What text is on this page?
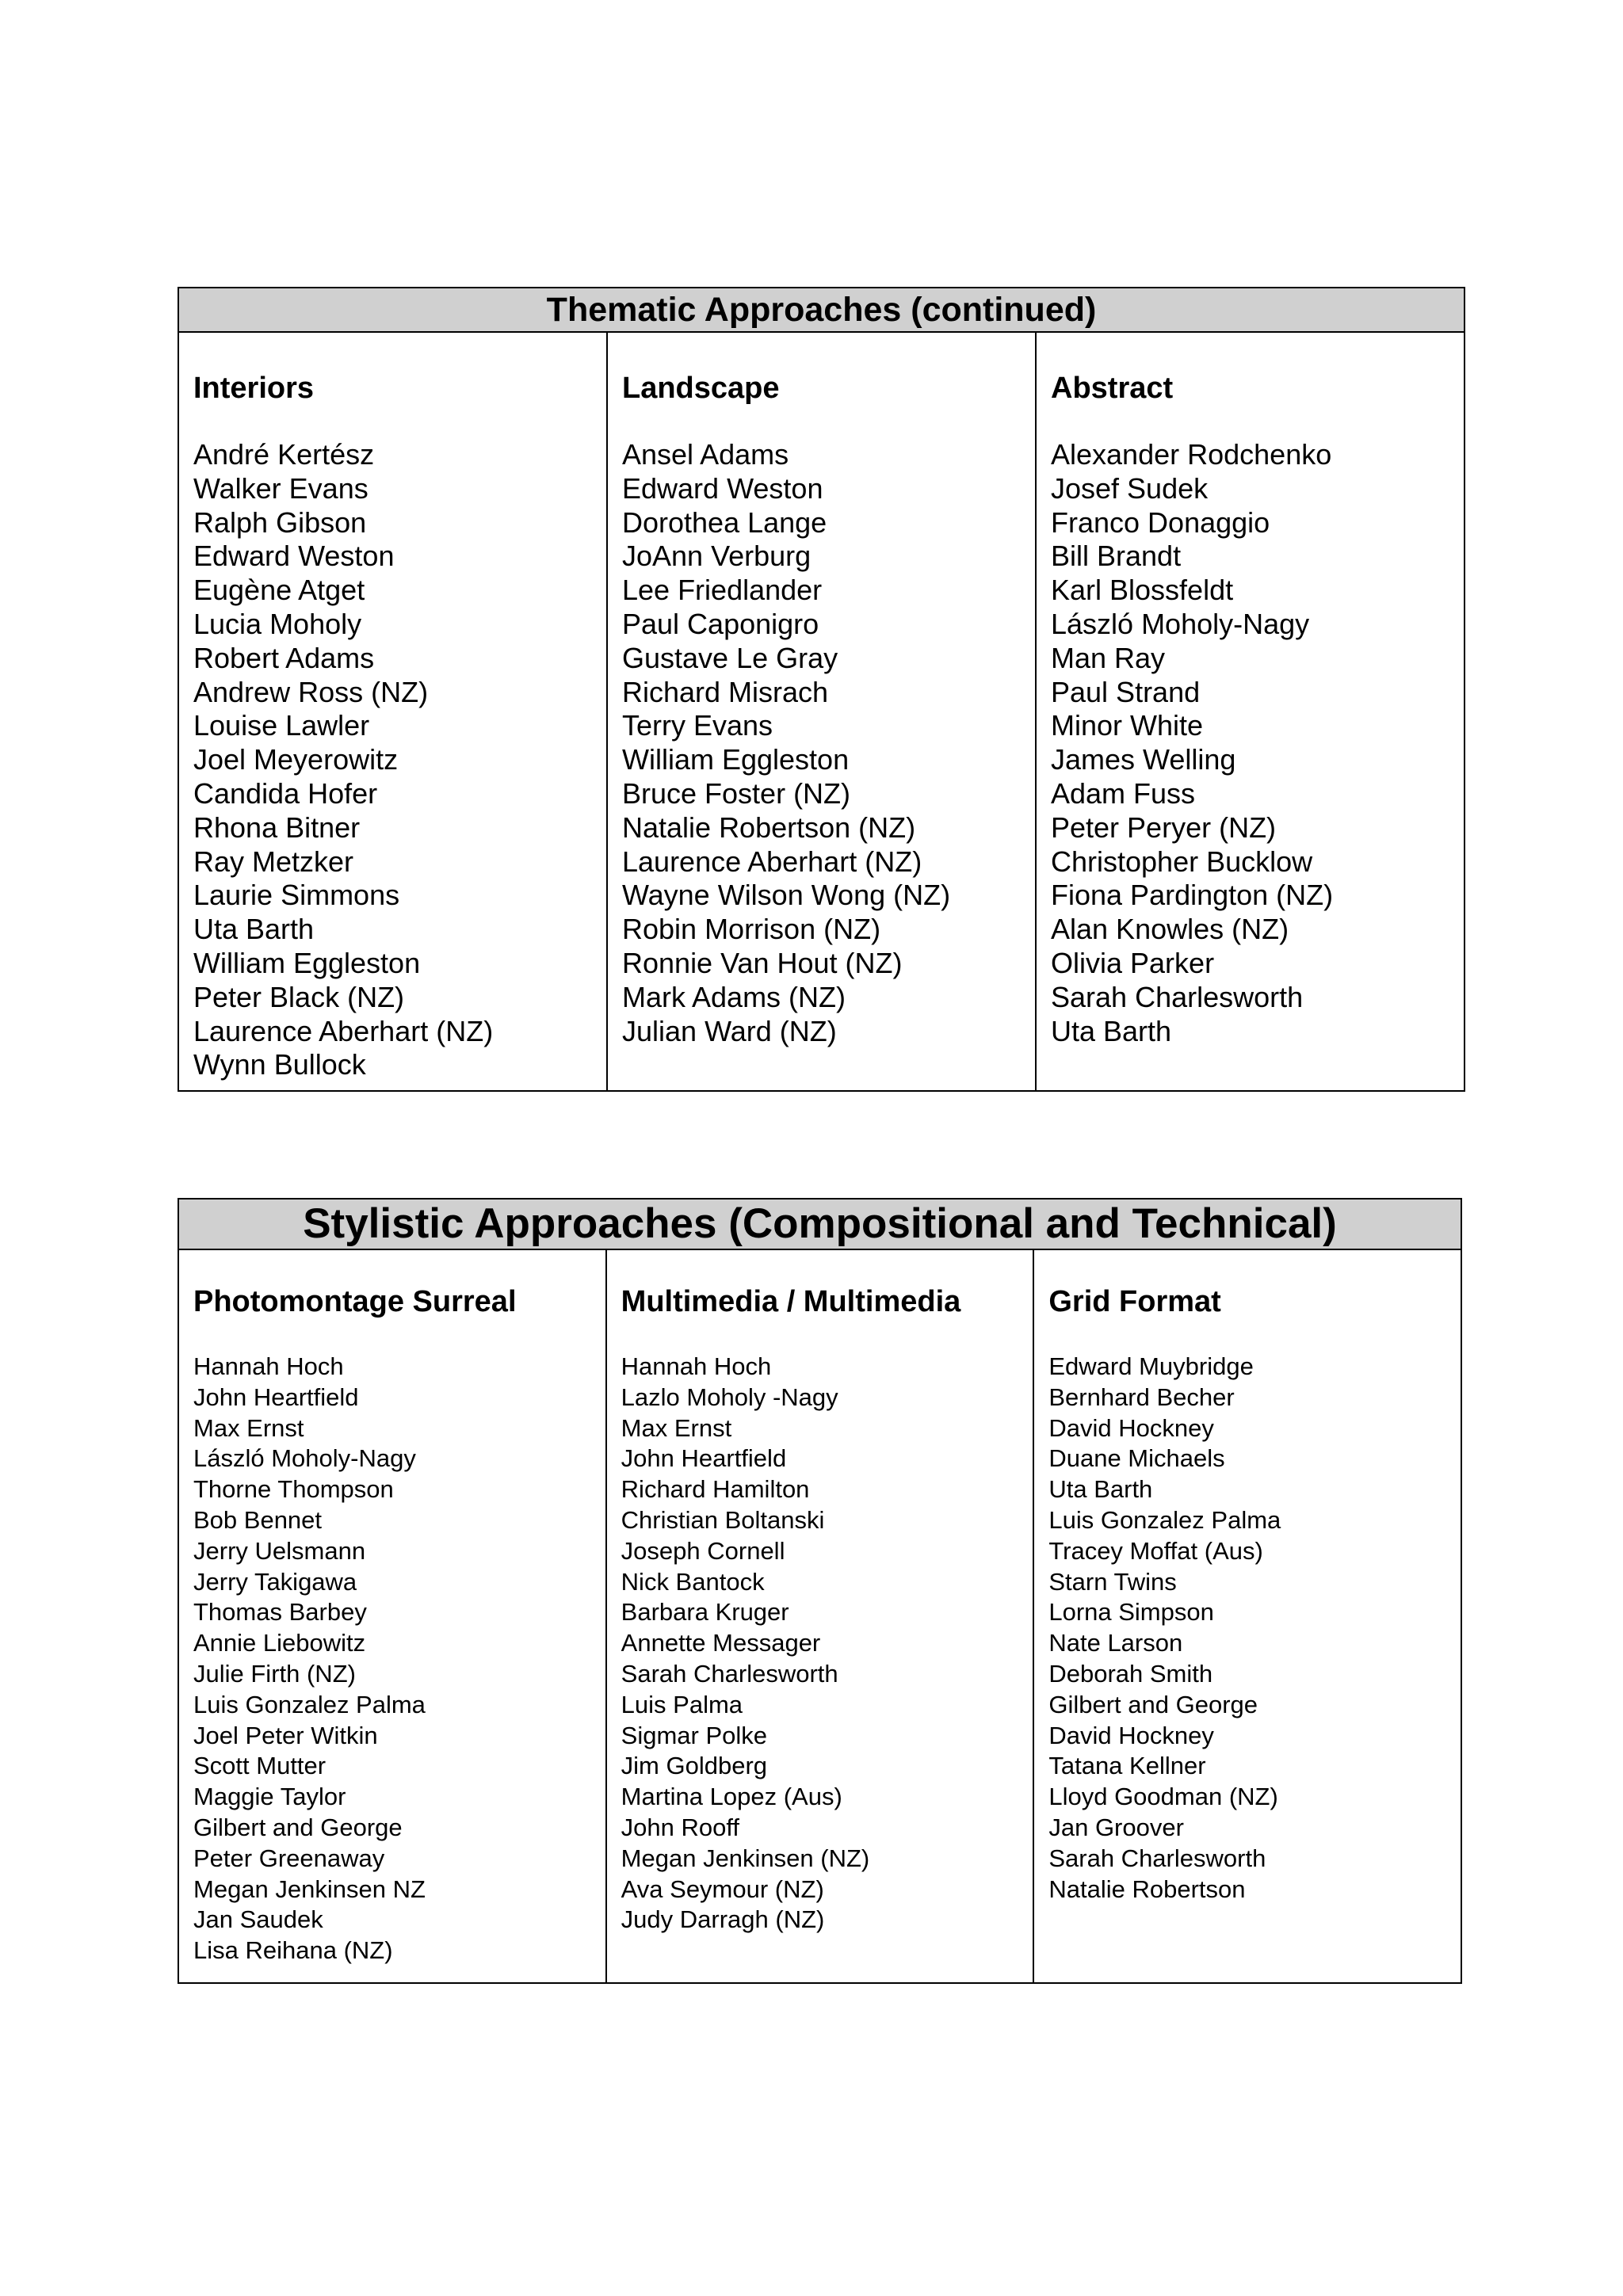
Thematic Approaches (continued)
Interiors
André Kertész
Walker Evans
Ralph Gibson
Edward Weston
Eugène Atget
Lucia Moholy
Robert Adams
Andrew Ross (NZ)
Louise Lawler
Joel Meyerowitz
Candida Hofer
Rhona Bitner
Ray Metzker
Laurie Simmons
Uta Barth
William Eggleston
Peter Black (NZ)
Laurence Aberhart (NZ)
Wynn Bullock
Landscape
Ansel Adams
Edward Weston
Dorothea Lange
JoAnn Verburg
Lee Friedlander
Paul Caponigro
Gustave Le Gray
Richard Misrach
Terry Evans
William Eggleston
Bruce Foster (NZ)
Natalie Robertson (NZ)
Laurence Aberhart (NZ)
Wayne Wilson Wong (NZ)
Robin Morrison (NZ)
Ronnie Van Hout (NZ)
Mark Adams (NZ)
Julian Ward (NZ)
Abstract
Alexander Rodchenko
Josef Sudek
Franco Donaggio
Bill Brandt
Karl Blossfeldt
László Moholy-Nagy
Man Ray
Paul Strand
Minor White
James Welling
Adam Fuss
Peter Peryer (NZ)
Christopher Bucklow
Fiona Pardington (NZ)
Alan Knowles (NZ)
Olivia Parker
Sarah Charlesworth
Uta Barth
Stylistic Approaches (Compositional and Technical)
Photomontage Surreal
Hannah Hoch
John Heartfield
Max Ernst
László Moholy-Nagy
Thorne Thompson
Bob Bennet
Jerry Uelsmann
Jerry Takigawa
Thomas Barbey
Annie Liebowitz
Julie Firth (NZ)
Luis Gonzalez Palma
Joel Peter Witkin
Scott Mutter
Maggie Taylor
Gilbert and George
Peter Greenaway
Megan Jenkinsen NZ
Jan Saudek
Lisa Reihana (NZ)
Multimedia / Multimedia
Hannah Hoch
Lazlo Moholy -Nagy
Max Ernst
John Heartfield
Richard Hamilton
Christian Boltanski
Joseph Cornell
Nick Bantock
Barbara Kruger
Annette Messager
Sarah Charlesworth
Luis Palma
Sigmar Polke
Jim Goldberg
Martina Lopez (Aus)
John Rooff
Megan Jenkinsen (NZ)
Ava Seymour (NZ)
Judy Darragh (NZ)
Grid Format
Edward Muybridge
Bernhard Becher
David Hockney
Duane Michaels
Uta Barth
Luis Gonzalez Palma
Tracey Moffat (Aus)
Starn Twins
Lorna Simpson
Nate Larson
Deborah Smith
Gilbert and George
David Hockney
Tatana Kellner
Lloyd Goodman (NZ)
Jan Groover
Sarah Charlesworth
Natalie Robertson
